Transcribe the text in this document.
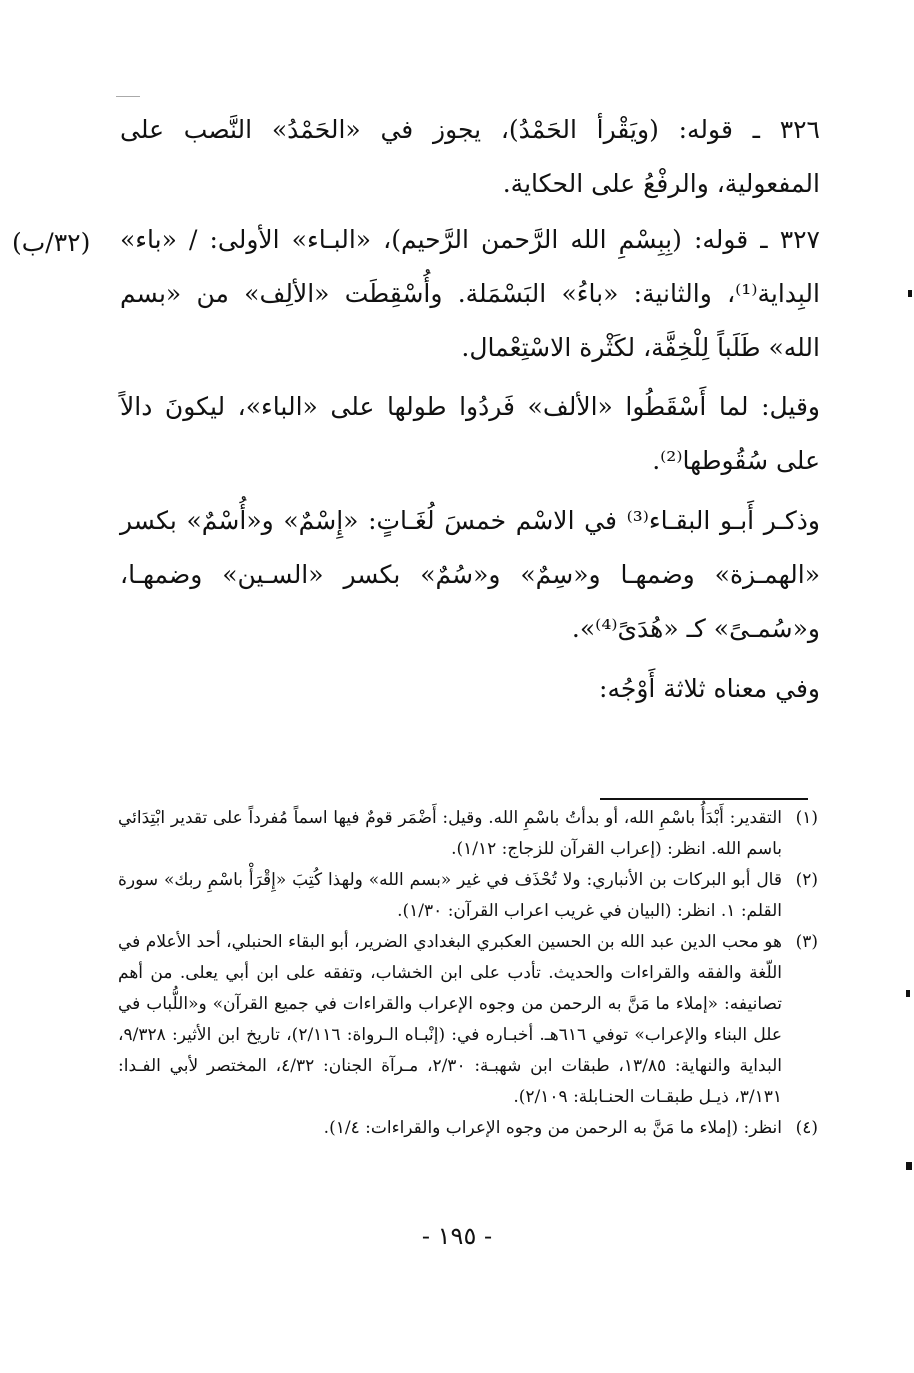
(٣٢/ب)
٣٢٦ ـ قوله: (ويَقْرأ الحَمْدُ)، يجوز في «الحَمْدُ» النَّصب على المفعولية، والرفْعُ على الحكاية.
٣٢٧ ـ قوله: (بِبِسْمِ الله الرَّحمن الرَّحيم)، «البـاء» الأولى: / «باء» البِداية⁽¹⁾، والثانية: «باءُ» البَسْمَلة. وأُسْقِطَت «الألِف» من «بسم الله» طَلَباً لِلْخِفَّة، لكَثْرة الاسْتِعْمال.
وقيل: لما أَسْقَطُوا «الألف» فَردُوا طولها على «الباء»، ليكونَ دالاً على سُقُوطها⁽²⁾.
وذكـر أَبـو البقـاء⁽³⁾ في الاسْم خمسَ لُغَـاتٍ: «إِسْمٌ» و«أُسْمٌ» بكسر «الهمـزة» وضمهـا و«سِمٌ» و«سُمٌ» بكسر «السـين» وضمهـا، و«سُمـىً» كـ «هُدَىً⁽⁴⁾».
وفي معناه ثلاثة أَوْجُه:
(١)
التقدير: أَبْدَأُ باسْمِ الله، أو بدأتُ باسْمِ الله. وقيل: أَضْمَر قومٌ فيها اسماً مُفرداً على تقدير ابْتِدَائي باسم الله. انظر: (إعراب القرآن للزجاج: ١/١٢).
(٢)
قال أبو البركات بن الأنباري: ولا تُحْذَف في غير «بسم الله» ولهذا كُتِبَ «إِقْرَأْ باسْمِ ربك» سورة القلم: ١. انظر: (البيان في غريب اعراب القرآن: ١/٣٠).
(٣)
هو محب الدين عبد الله بن الحسين العكبري البغدادي الضرير، أبو البقاء الحنبلي، أحد الأعلام في اللّغة والفقه والقراءات والحديث. تأدب على ابن الخشاب، وتفقه على ابن أبي يعلى. من أهم تصانيفه: «إملاء ما مَنَّ به الرحمن من وجوه الإعراب والقراءات في جميع القرآن» و«اللُّباب في علل البناء والإعراب» توفي ٦١٦هـ. أخبـاره في: (إنْبـاه الـرواة: ٢/١١٦)، تاريخ ابن الأثير: ٩/٣٢٨، البداية والنهاية: ١٣/٨٥، طبقات ابن شهبـة: ٢/٣٠، مـرآة الجنان: ٤/٣٢، المختصر لأبي الفـدا: ٣/١٣١، ذيـل طبقـات الحنـابلة: ٢/١٠٩).
(٤)
انظر: (إملاء ما مَنَّ به الرحمن من وجوه الإعراب والقراءات: ١/٤).
- ١٩٥ -
